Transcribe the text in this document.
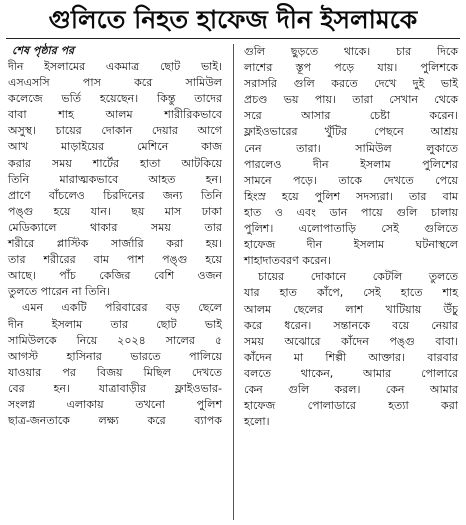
গুলিতে নিহত হাফেজ দীন ইসলামকে

শেষ পৃষ্ঠার পর

দীন ইসলামের একমাত্র ছোট ভাই।
এসএসসি পাস করে সামিউল
কলেজে ভর্তি হয়েছেন। কিন্তু তাদের
বাবা শাহ আলম শারীরিকভাবে
অসুস্থ। চায়ের দোকান দেয়ার আগে
আখ মাড়াইয়ের মেশিনে কাজ
করার সময় শার্টের হাতা আটকিয়ে
তিনি মারাত্মকভাবে আহত হন।
প্রাণে বাঁচলেও চিরদিনের জন্য তিনি
পঙ্গু হয়ে যান। ছয় মাস ঢাকা
মেডিক্যালে থাকার সময় তার
শরীরে প্লাস্টিক সার্জারি করা হয়।
তার শরীরের বাম পাশ পঙ্গু হয়ে
আছে। পাঁচ কেজির বেশি ওজন
তুলতে পারেন না তিনি।
এমন একটি পরিবারের বড় ছেলে
দীন ইসলাম তার ছোট ভাই
সামিউলকে নিয়ে ২০২৪ সালের ৫
আগস্ট হাসিনার ভারতে পালিয়ে
যাওয়ার পর বিজয় মিছিল দেখতে
বের হন। যাত্রাবাড়ীর ফ্লাইওভার-
সংলগ্ন এলাকায় তখনো পুলিশ
ছাত্র-জনতাকে লক্ষ্য করে ব্যাপক
গুলি ছুড়তে থাকে। চার দিকে
লাশের স্তূপ পড়ে যায়। পুলিশকে
সরাসরি গুলি করতে দেখে দুই ভাই
প্রচণ্ড ভয় পায়। তারা সেখান থেকে
সরে আসার চেষ্টা করেন।
ফ্লাইওভারের খুঁটির পেছনে আশ্রয়
নেন তারা। সামিউল লুকাতে
পারলেও দীন ইসলাম পুলিশের
সামনে পড়ে। তাকে দেখতে পেয়ে
হিংস্র হয়ে পুলিশ সদস্যরা। তার বাম
হাত ও এবং ডান পায়ে গুলি চালায়
পুলিশ। এলোপাতাড়ি সেই গুলিতে
হাফেজ দীন ইসলাম ঘটনাস্থলে
শাহাদাতবরণ করেন।
চায়ের দোকানে কেটলি তুলতে
যার হাত কাঁপে, সেই হাতে শাহ
আলম ছেলের লাশ খাটিয়ায় উঁচু
করে ধরেন। সন্তানকে বয়ে নেয়ার
সময় অঝোরে কাঁদেন পঙ্গু বাবা।
কাঁদেন মা শিল্পী আক্তার। বারবার
বলতে থাকেন, আমার পোলারে
কেন গুলি করল। কেন আমার
হাফেজ পোলাডারে হত্যা করা
হলো।
